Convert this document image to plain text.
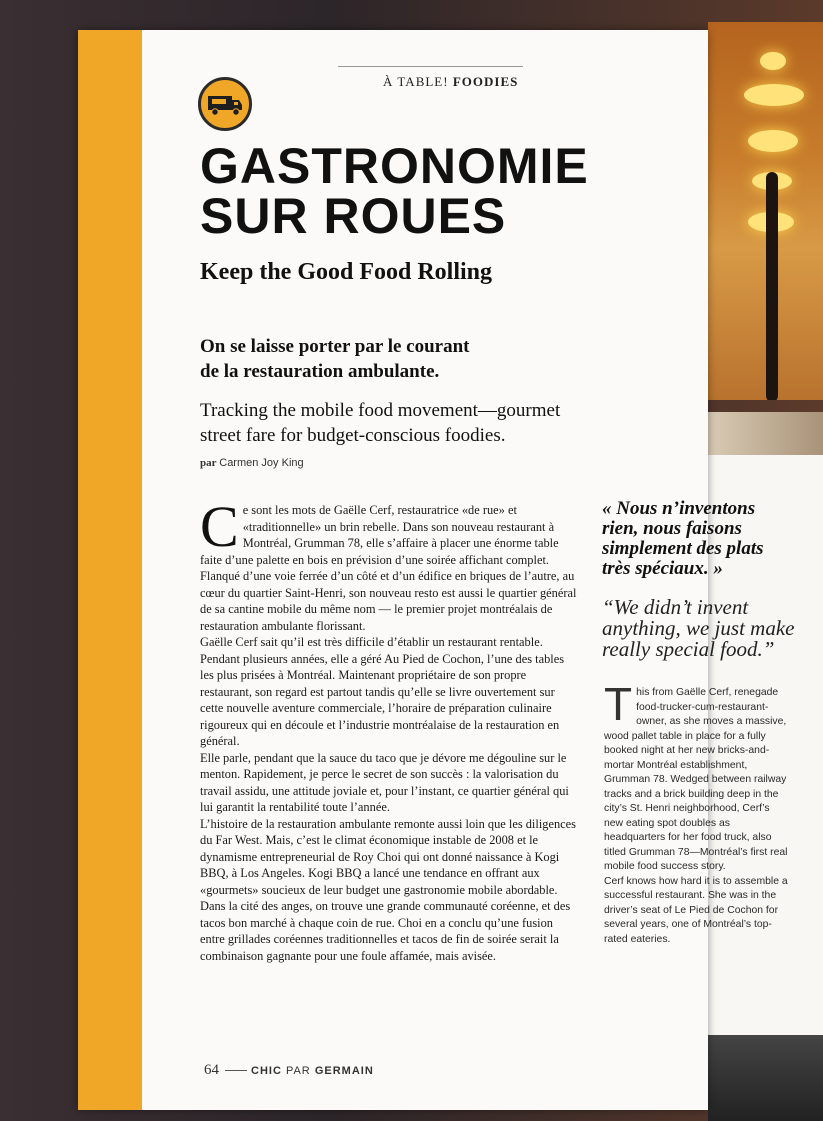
À TABLE! FOODIES
GASTRONOMIE
SUR ROUES
Keep the Good Food Rolling
On se laisse porter par le courant
de la restauration ambulante.
Tracking the mobile food movement—gourmet
street fare for budget-conscious foodies.
par Carmen Joy King
C e sont les mots de Gaëlle Cerf, restauratrice «de rue» et «traditionnelle» un brin rebelle. Dans son nouveau restaurant à Montréal, Grumman 78, elle s’affaire à placer une énorme table faite d’une palette en bois en prévision d’une soirée affichant complet. Flanqué d’une voie ferrée d’un côté et d’un édifice en briques de l’autre, au cœur du quartier Saint-Henri, son nouveau resto est aussi le quartier général de sa cantine mobile du même nom — le premier projet montréalais de restauration ambulante florissant.

Gaëlle Cerf sait qu’il est très difficile d’établir un restaurant rentable. Pendant plusieurs années, elle a géré Au Pied de Cochon, l’une des tables les plus prisées à Montréal. Maintenant propriétaire de son propre restaurant, son regard est partout tandis qu’elle se livre ouvertement sur cette nouvelle aventure commerciale, l’horaire de préparation culinaire rigoureux qui en découle et l’industrie montréalaise de la restauration en général.

Elle parle, pendant que la sauce du taco que je dévore me dégouline sur le menton. Rapidement, je perce le secret de son succès : la valorisation du travail assidu, une attitude joviale et, pour l’instant, ce quartier général qui lui garantit la rentabilité toute l’année.

L’histoire de la restauration ambulante remonte aussi loin que les diligences du Far West. Mais, c’est le climat économique instable de 2008 et le dynamisme entrepreneurial de Roy Choi qui ont donné naissance à Kogi BBQ, à Los Angeles. Kogi BBQ a lancé une tendance en offrant aux «gourmets» soucieux de leur budget une gastronomie mobile abordable. Dans la cité des anges, on trouve une grande communauté coréenne, et des tacos bon marché à chaque coin de rue. Choi en a conclu qu’une fusion entre grillades coréennes traditionnelles et tacos de fin de soirée serait la combinaison gagnante pour une foule affamée, mais avisée.

« Nous n’inventons rien, nous faisons simplement des plats très spéciaux. »
“We didn’t invent anything, we just make really special food.”
T his from Gaëlle Cerf, renegade food-trucker-cum-restaurant-owner, as she moves a massive, wood pallet table in place for a fully booked night at her new bricks-and-mortar Montréal establishment, Grumman 78. Wedged between railway tracks and a brick building deep in the city’s St. Henri neighborhood, Cerf’s new eating spot doubles as headquarters for her food truck, also titled Grumman 78—Montréal’s first real mobile food success story.

Cerf knows how hard it is to assemble a successful restaurant. She was in the driver’s seat of Le Pied de Cochon for several years, one of Montréal’s top-rated eateries.

64	CHIC PAR GERMAIN
